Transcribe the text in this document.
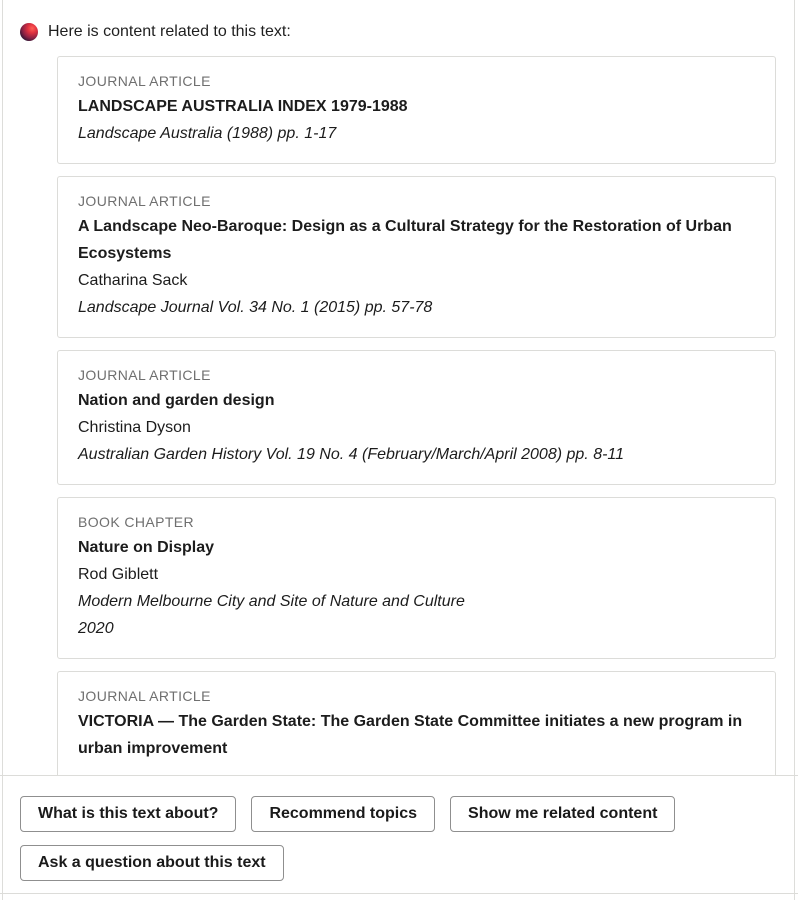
Here is content related to this text:
JOURNAL ARTICLE
LANDSCAPE AUSTRALIA INDEX 1979-1988
Landscape Australia (1988) pp. 1-17
JOURNAL ARTICLE
A Landscape Neo-Baroque: Design as a Cultural Strategy for the Restoration of Urban Ecosystems
Catharina Sack
Landscape Journal Vol. 34 No. 1 (2015) pp. 57-78
JOURNAL ARTICLE
Nation and garden design
Christina Dyson
Australian Garden History Vol. 19 No. 4 (February/March/April 2008) pp. 8-11
BOOK CHAPTER
Nature on Display
Rod Giblett
Modern Melbourne City and Site of Nature and Culture
2020
JOURNAL ARTICLE
VICTORIA — The Garden State: The Garden State Committee initiates a new program in urban improvement
What is this text about?	Recommend topics	Show me related content
Ask a question about this text
